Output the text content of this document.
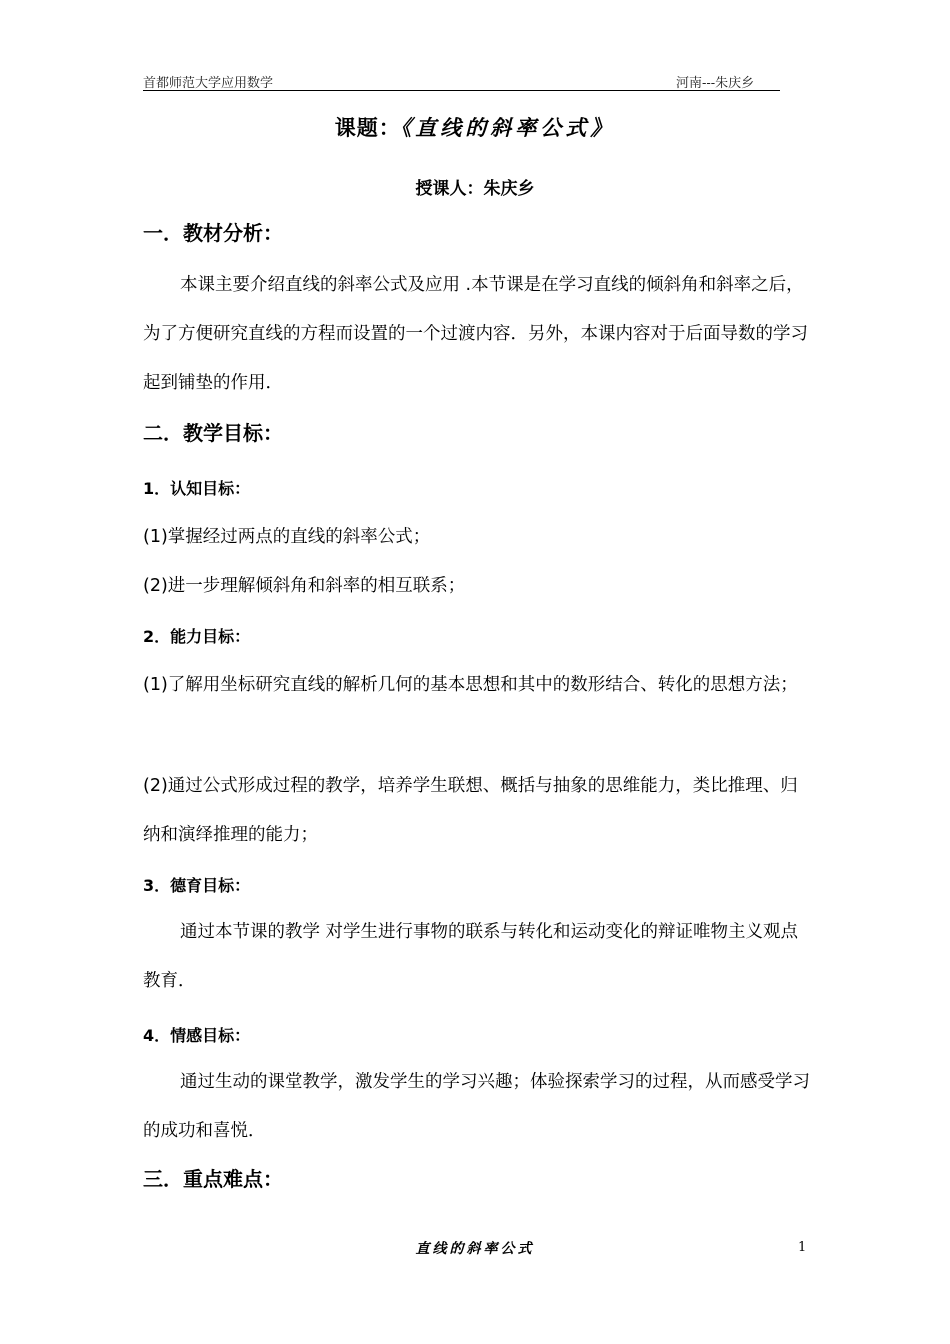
首都师范大学应用数学	河南---朱庆乡
课题：《直线的斜率公式》
授课人：朱庆乡
一．教材分析：
本课主要介绍直线的斜率公式及应用 .本节课是在学习直线的倾斜角和斜率之后，为了方便研究直线的方程而设置的一个过渡内容．另外，本课内容对于后面导数的学习起到铺垫的作用．
二．教学目标：
1．认知目标：
(1)掌握经过两点的直线的斜率公式；
(2)进一步理解倾斜角和斜率的相互联系；
2．能力目标：
(1)了解用坐标研究直线的解析几何的基本思想和其中的数形结合、转化的思想方法；
(2)通过公式形成过程的教学，培养学生联想、概括与抽象的思维能力，类比推理、归纳和演绎推理的能力；
3．德育目标：
通过本节课的教学 对学生进行事物的联系与转化和运动变化的辩证唯物主义观点教育．
4．情感目标：
通过生动的课堂教学，激发学生的学习兴趣；体验探索学习的过程，从而感受学习的成功和喜悦．
三．重点难点：
直线的斜率公式	1
